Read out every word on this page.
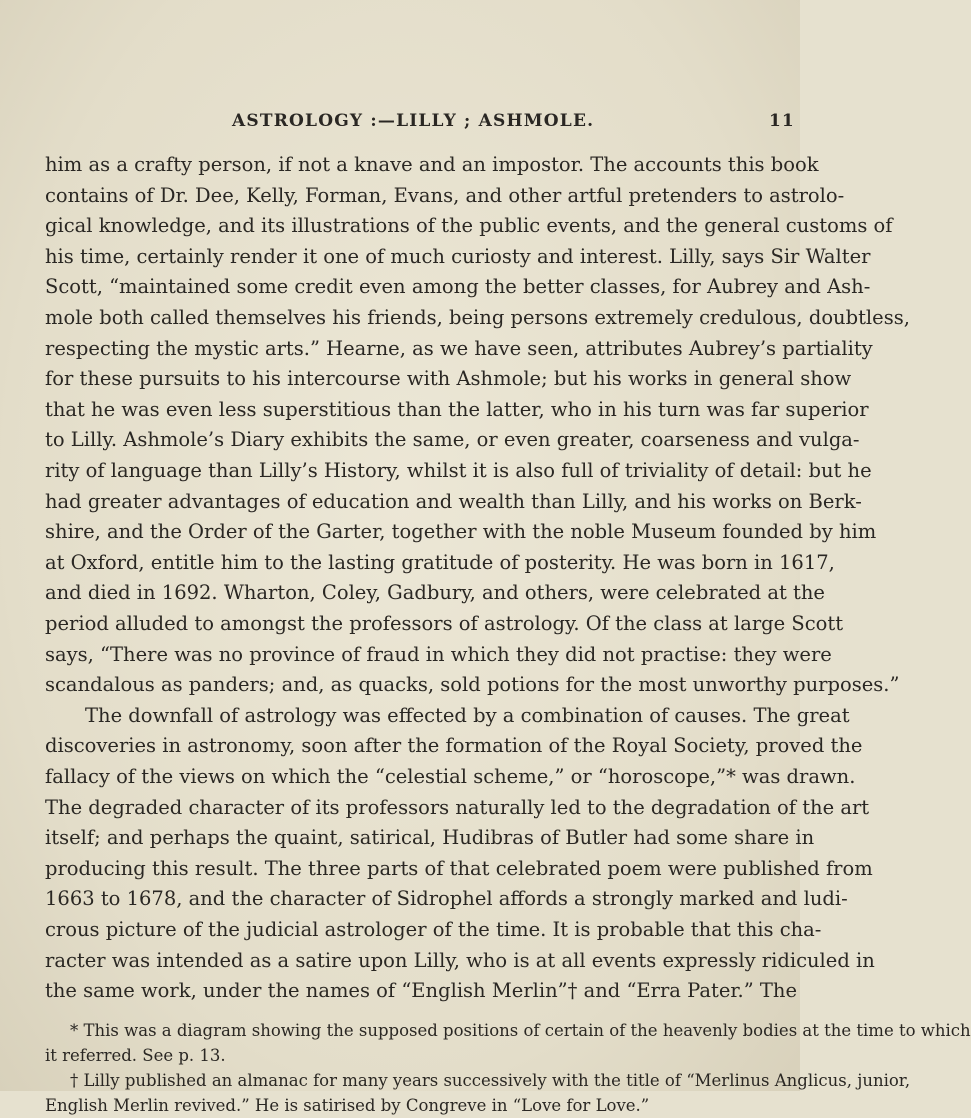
ASTROLOGY :—LILLY ; ASHMOLE.	11
him as a crafty person, if not a knave and an impostor. The accounts this book
contains of Dr. Dee, Kelly, Forman, Evans, and other artful pretenders to astrolo-
gical knowledge, and its illustrations of the public events, and the general customs of
his time, certainly render it one of much curiosty and interest. Lilly, says Sir Walter
Scott, “maintained some credit even among the better classes, for Aubrey and Ash-
mole both called themselves his friends, being persons extremely credulous, doubtless,
respecting the mystic arts.” Hearne, as we have seen, attributes Aubrey’s partiality
for these pursuits to his intercourse with Ashmole; but his works in general show
that he was even less superstitious than the latter, who in his turn was far superior
to Lilly. Ashmole’s Diary exhibits the same, or even greater, coarseness and vulga-
rity of language than Lilly’s History, whilst it is also full of triviality of detail: but he
had greater advantages of education and wealth than Lilly, and his works on Berk-
shire, and the Order of the Garter, together with the noble Museum founded by him
at Oxford, entitle him to the lasting gratitude of posterity. He was born in 1617,
and died in 1692. Wharton, Coley, Gadbury, and others, were celebrated at the
period alluded to amongst the professors of astrology. Of the class at large Scott
says, “There was no province of fraud in which they did not practise: they were
scandalous as panders; and, as quacks, sold potions for the most unworthy purposes.”
The downfall of astrology was effected by a combination of causes. The great
discoveries in astronomy, soon after the formation of the Royal Society, proved the
fallacy of the views on which the “celestial scheme,” or “horoscope,”* was drawn.
The degraded character of its professors naturally led to the degradation of the art
itself; and perhaps the quaint, satirical, Hudibras of Butler had some share in
producing this result. The three parts of that celebrated poem were published from
1663 to 1678, and the character of Sidrophel affords a strongly marked and ludi-
crous picture of the judicial astrologer of the time. It is probable that this cha-
racter was intended as a satire upon Lilly, who is at all events expressly ridiculed in
the same work, under the names of “English Merlin”† and “Erra Pater.” The
* This was a diagram showing the supposed positions of certain of the heavenly bodies at the time to which
it referred. See p. 13.
† Lilly published an almanac for many years successively with the title of “Merlinus Anglicus, junior,
English Merlin revived.” He is satirised by Congreve in “Love for Love.”
